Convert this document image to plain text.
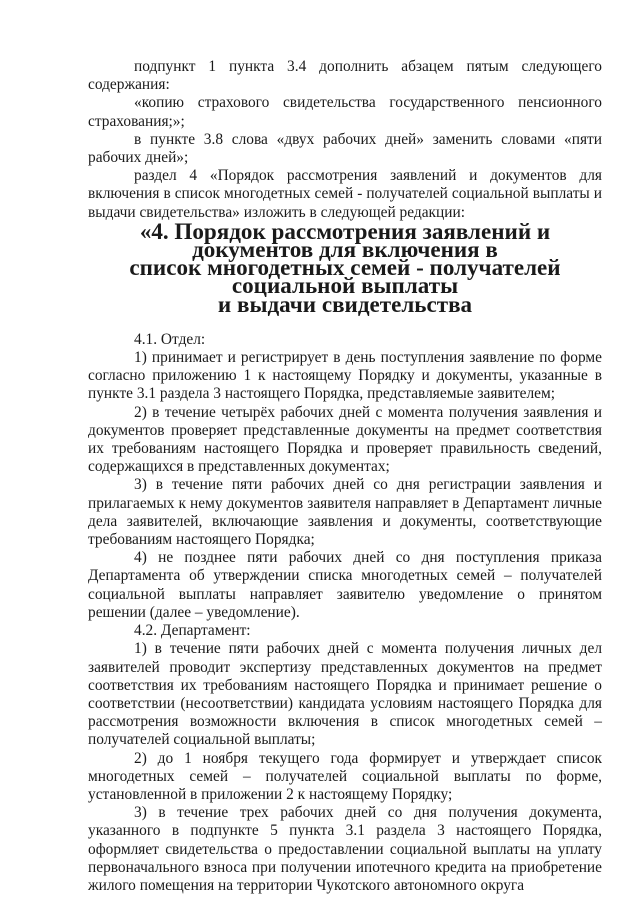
подпункт 1 пункта 3.4 дополнить абзацем пятым следующего содержания:

«копию страхового свидетельства государственного пенсионного страхования;»;

в пункте 3.8 слова «двух рабочих дней» заменить словами «пяти рабочих дней»;

раздел 4 «Порядок рассмотрения заявлений и документов для включения в список многодетных семей - получателей социальной выплаты и выдачи свидетельства» изложить в следующей редакции:

«4. Порядок рассмотрения заявлений и документов для включения в
список многодетных семей - получателей социальной выплаты
и выдачи свидетельства

4.1. Отдел:

1) принимает и регистрирует в день поступления заявление по форме согласно приложению 1 к настоящему Порядку и документы, указанные в пункте 3.1 раздела 3 настоящего Порядка, представляемые заявителем;

2) в течение четырёх рабочих дней с момента получения заявления и документов проверяет представленные документы на предмет соответствия их требованиям настоящего Порядка и проверяет правильность сведений, содержащихся в представленных документах;

3) в течение пяти рабочих дней со дня регистрации заявления и прилагаемых к нему документов заявителя направляет в Департамент личные дела заявителей, включающие заявления и документы, соответствующие требованиям настоящего Порядка;

4) не позднее пяти рабочих дней со дня поступления приказа Департамента об утверждении списка многодетных семей – получателей социальной выплаты направляет заявителю уведомление о принятом решении (далее – уведомление).

4.2. Департамент:

1) в течение пяти рабочих дней с момента получения личных дел заявителей проводит экспертизу представленных документов на предмет соответствия их требованиям настоящего Порядка и принимает решение о соответствии (несоответствии) кандидата условиям настоящего Порядка для рассмотрения возможности включения в список многодетных семей – получателей социальной выплаты;

2) до 1 ноября текущего года формирует и утверждает список многодетных семей – получателей социальной выплаты по форме, установленной в приложении 2 к настоящему Порядку;

3) в течение трех рабочих дней со дня получения документа, указанного в подпункте 5 пункта 3.1 раздела 3 настоящего Порядка, оформляет свидетельства о предоставлении социальной выплаты на уплату первоначального взноса при получении ипотечного кредита на приобретение жилого помещения на территории Чукотского автономного округа
